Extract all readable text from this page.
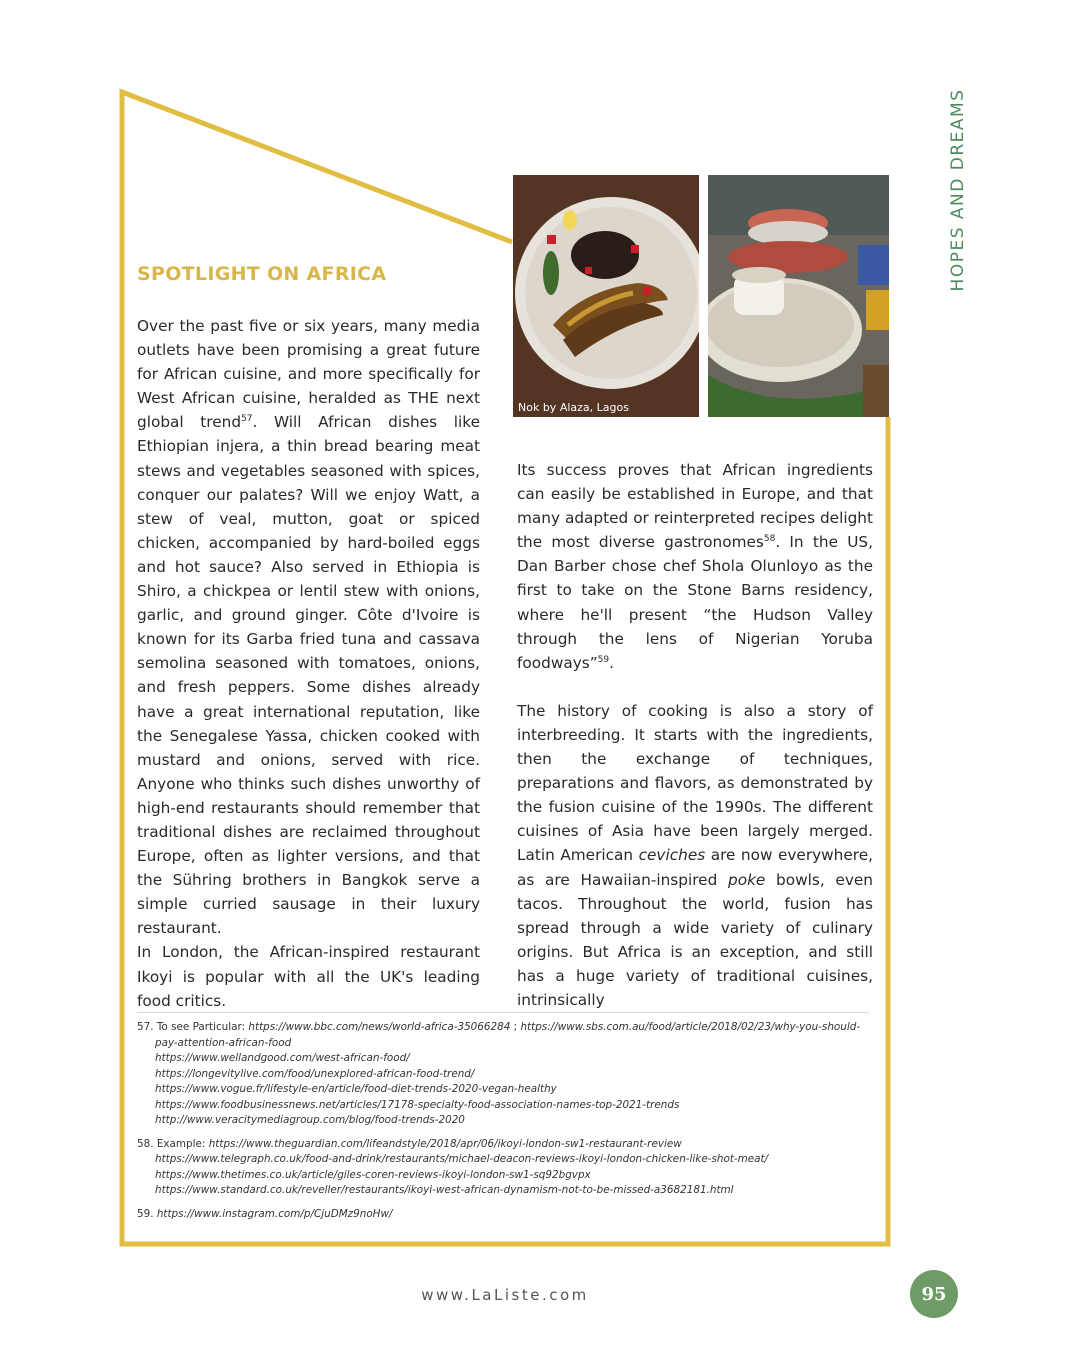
HOPES AND DREAMS
SPOTLIGHT ON AFRICA
Nok by Alaza, Lagos

Over the past five or six years, many media outlets have been promising a great future for African cuisine, and more specifically for West African cuisine, heralded as THE next global trend$^{57}$. Will African dishes like Ethiopian injera, a thin bread bearing meat stews and vegetables seasoned with spices, conquer our palates? Will we enjoy Watt, a stew of veal, mutton, goat or spiced chicken, accompanied by hard-boiled eggs and hot sauce? Also served in Ethiopia is Shiro, a chickpea or lentil stew with onions, garlic, and ground ginger. Côte d'Ivoire is known for its Garba fried tuna and cassava semolina seasoned with tomatoes, onions, and fresh peppers. Some dishes already have a great international reputation, like the Senegalese Yassa, chicken cooked with mustard and onions, served with rice. Anyone who thinks such dishes unworthy of high-end restaurants should remember that traditional dishes are reclaimed throughout Europe, often as lighter versions, and that the Sühring brothers in Bangkok serve a simple curried sausage in their luxury restaurant.

In London, the African-inspired restaurant Ikoyi is popular with all the UK's leading food critics.

Its success proves that African ingredients can easily be established in Europe, and that many adapted or reinterpreted recipes delight the most diverse gastronomes$^{58}$. In the US, Dan Barber chose chef Shola Olunloyo as the first to take on the Stone Barns residency, where he'll present “the Hudson Valley through the lens of Nigerian Yoruba foodways”$^{59}$.

The history of cooking is also a story of interbreeding. It starts with the ingredients, then the exchange of techniques, preparations and flavors, as demonstrated by the fusion cuisine of the 1990s. The different cuisines of Asia have been largely merged. Latin American ceviches are now everywhere, as are Hawaiian-inspired poke bowls, even tacos. Throughout the world, fusion has spread through a wide variety of culinary origins. But Africa is an exception, and still has a huge variety of traditional cuisines, intrinsically

57. To see Particular: https://www.bbc.com/news/world-africa-35066284 ; https://www.sbs.com.au/food/article/2018/02/23/why-you-should-
pay-attention-african-food
https://www.wellandgood.com/west-african-food/
https://longevitylive.com/food/unexplored-african-food-trend/
https://www.vogue.fr/lifestyle-en/article/food-diet-trends-2020-vegan-healthy
https://www.foodbusinessnews.net/articles/17178-specialty-food-association-names-top-2021-trends
http://www.veracitymediagroup.com/blog/food-trends-2020
58. Example: https://www.theguardian.com/lifeandstyle/2018/apr/06/ikoyi-london-sw1-restaurant-review
https://www.telegraph.co.uk/food-and-drink/restaurants/michael-deacon-reviews-ikoyi-london-chicken-like-shot-meat/
https://www.thetimes.co.uk/article/giles-coren-reviews-ikoyi-london-sw1-sq92bgvpx
https://www.standard.co.uk/reveller/restaurants/ikoyi-west-african-dynamism-not-to-be-missed-a3682181.html
59. https://www.instagram.com/p/CjuDMz9noHw/
www.LaListe.com	95
